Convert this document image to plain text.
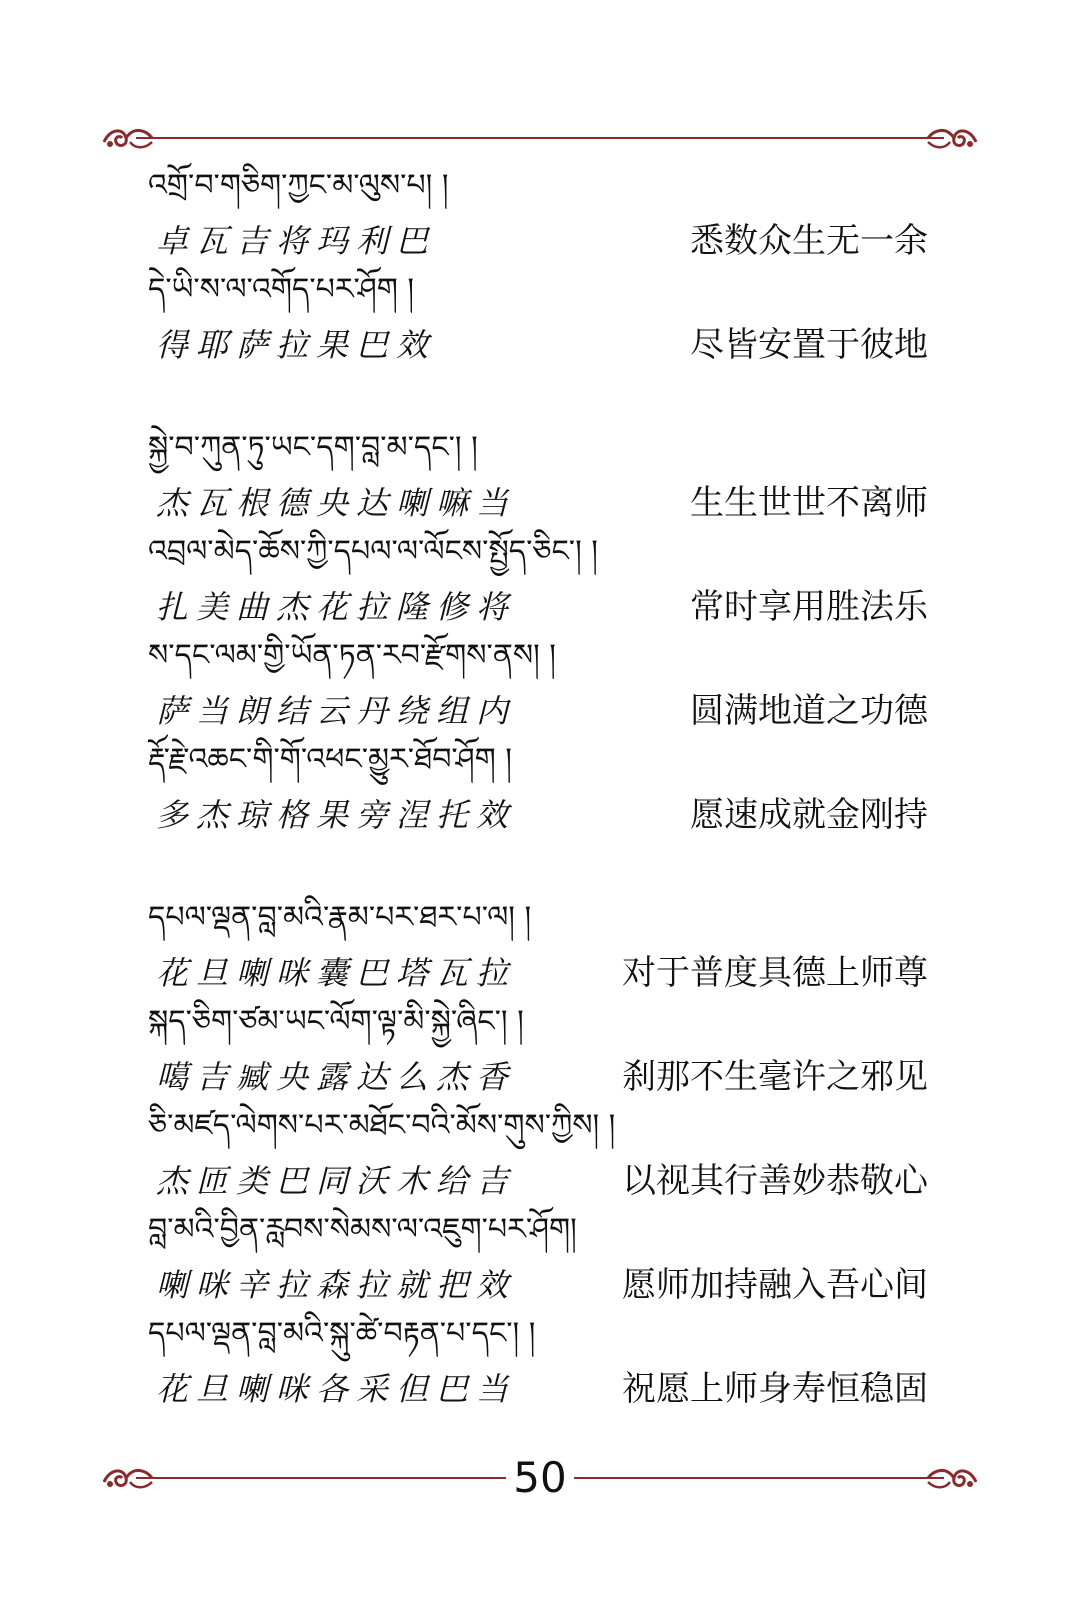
འགྲོ་བ་གཅིག་ཀྱང་མ་ལུས་པ། །
卓瓦吉将玛利巴	悉数众生无一余
དེ་ཡི་ས་ལ་འགོད་པར་ཤོག །
得耶萨拉果巴效	尽皆安置于彼地
སྐྱེ་བ་ཀུན་ཏུ་ཡང་དག་བླ་མ་དང་། །
杰瓦根德央达喇嘛当	生生世世不离师
འབྲལ་མེད་ཆོས་ཀྱི་དཔལ་ལ་ལོངས་སྤྱོད་ཅིང་། །
扎美曲杰花拉隆修将	常时享用胜法乐
ས་དང་ལམ་གྱི་ཡོན་ཏན་རབ་རྫོགས་ནས། །
萨当朗结云丹绕组内	圆满地道之功德
རྡོ་རྗེ་འཆང་གི་གོ་འཕང་མྱུར་ཐོབ་ཤོག །
多杰琼格果旁涅托效	愿速成就金刚持
དཔལ་ལྡན་བླ་མའི་རྣམ་པར་ཐར་པ་ལ། །
花旦喇咪囊巴塔瓦拉	对于普度具德上师尊
སྐད་ཅིག་ཙམ་ཡང་ལོག་ལྟ་མི་སྐྱེ་ཞིང་། །
噶吉臧央露达么杰香	刹那不生毫许之邪见
ཅི་མཛད་ལེགས་པར་མཐོང་བའི་མོས་གུས་ཀྱིས། །
杰匝类巴同沃木给吉	以视其行善妙恭敬心
བླ་མའི་བྱིན་རླབས་སེམས་ལ་འཇུག་པར་ཤོག།
喇咪辛拉森拉就把效	愿师加持融入吾心间
དཔལ་ལྡན་བླ་མའི་སྐུ་ཚེ་བརྟན་པ་དང་། །
花旦喇咪各采但巴当	祝愿上师身寿恒稳固
50
